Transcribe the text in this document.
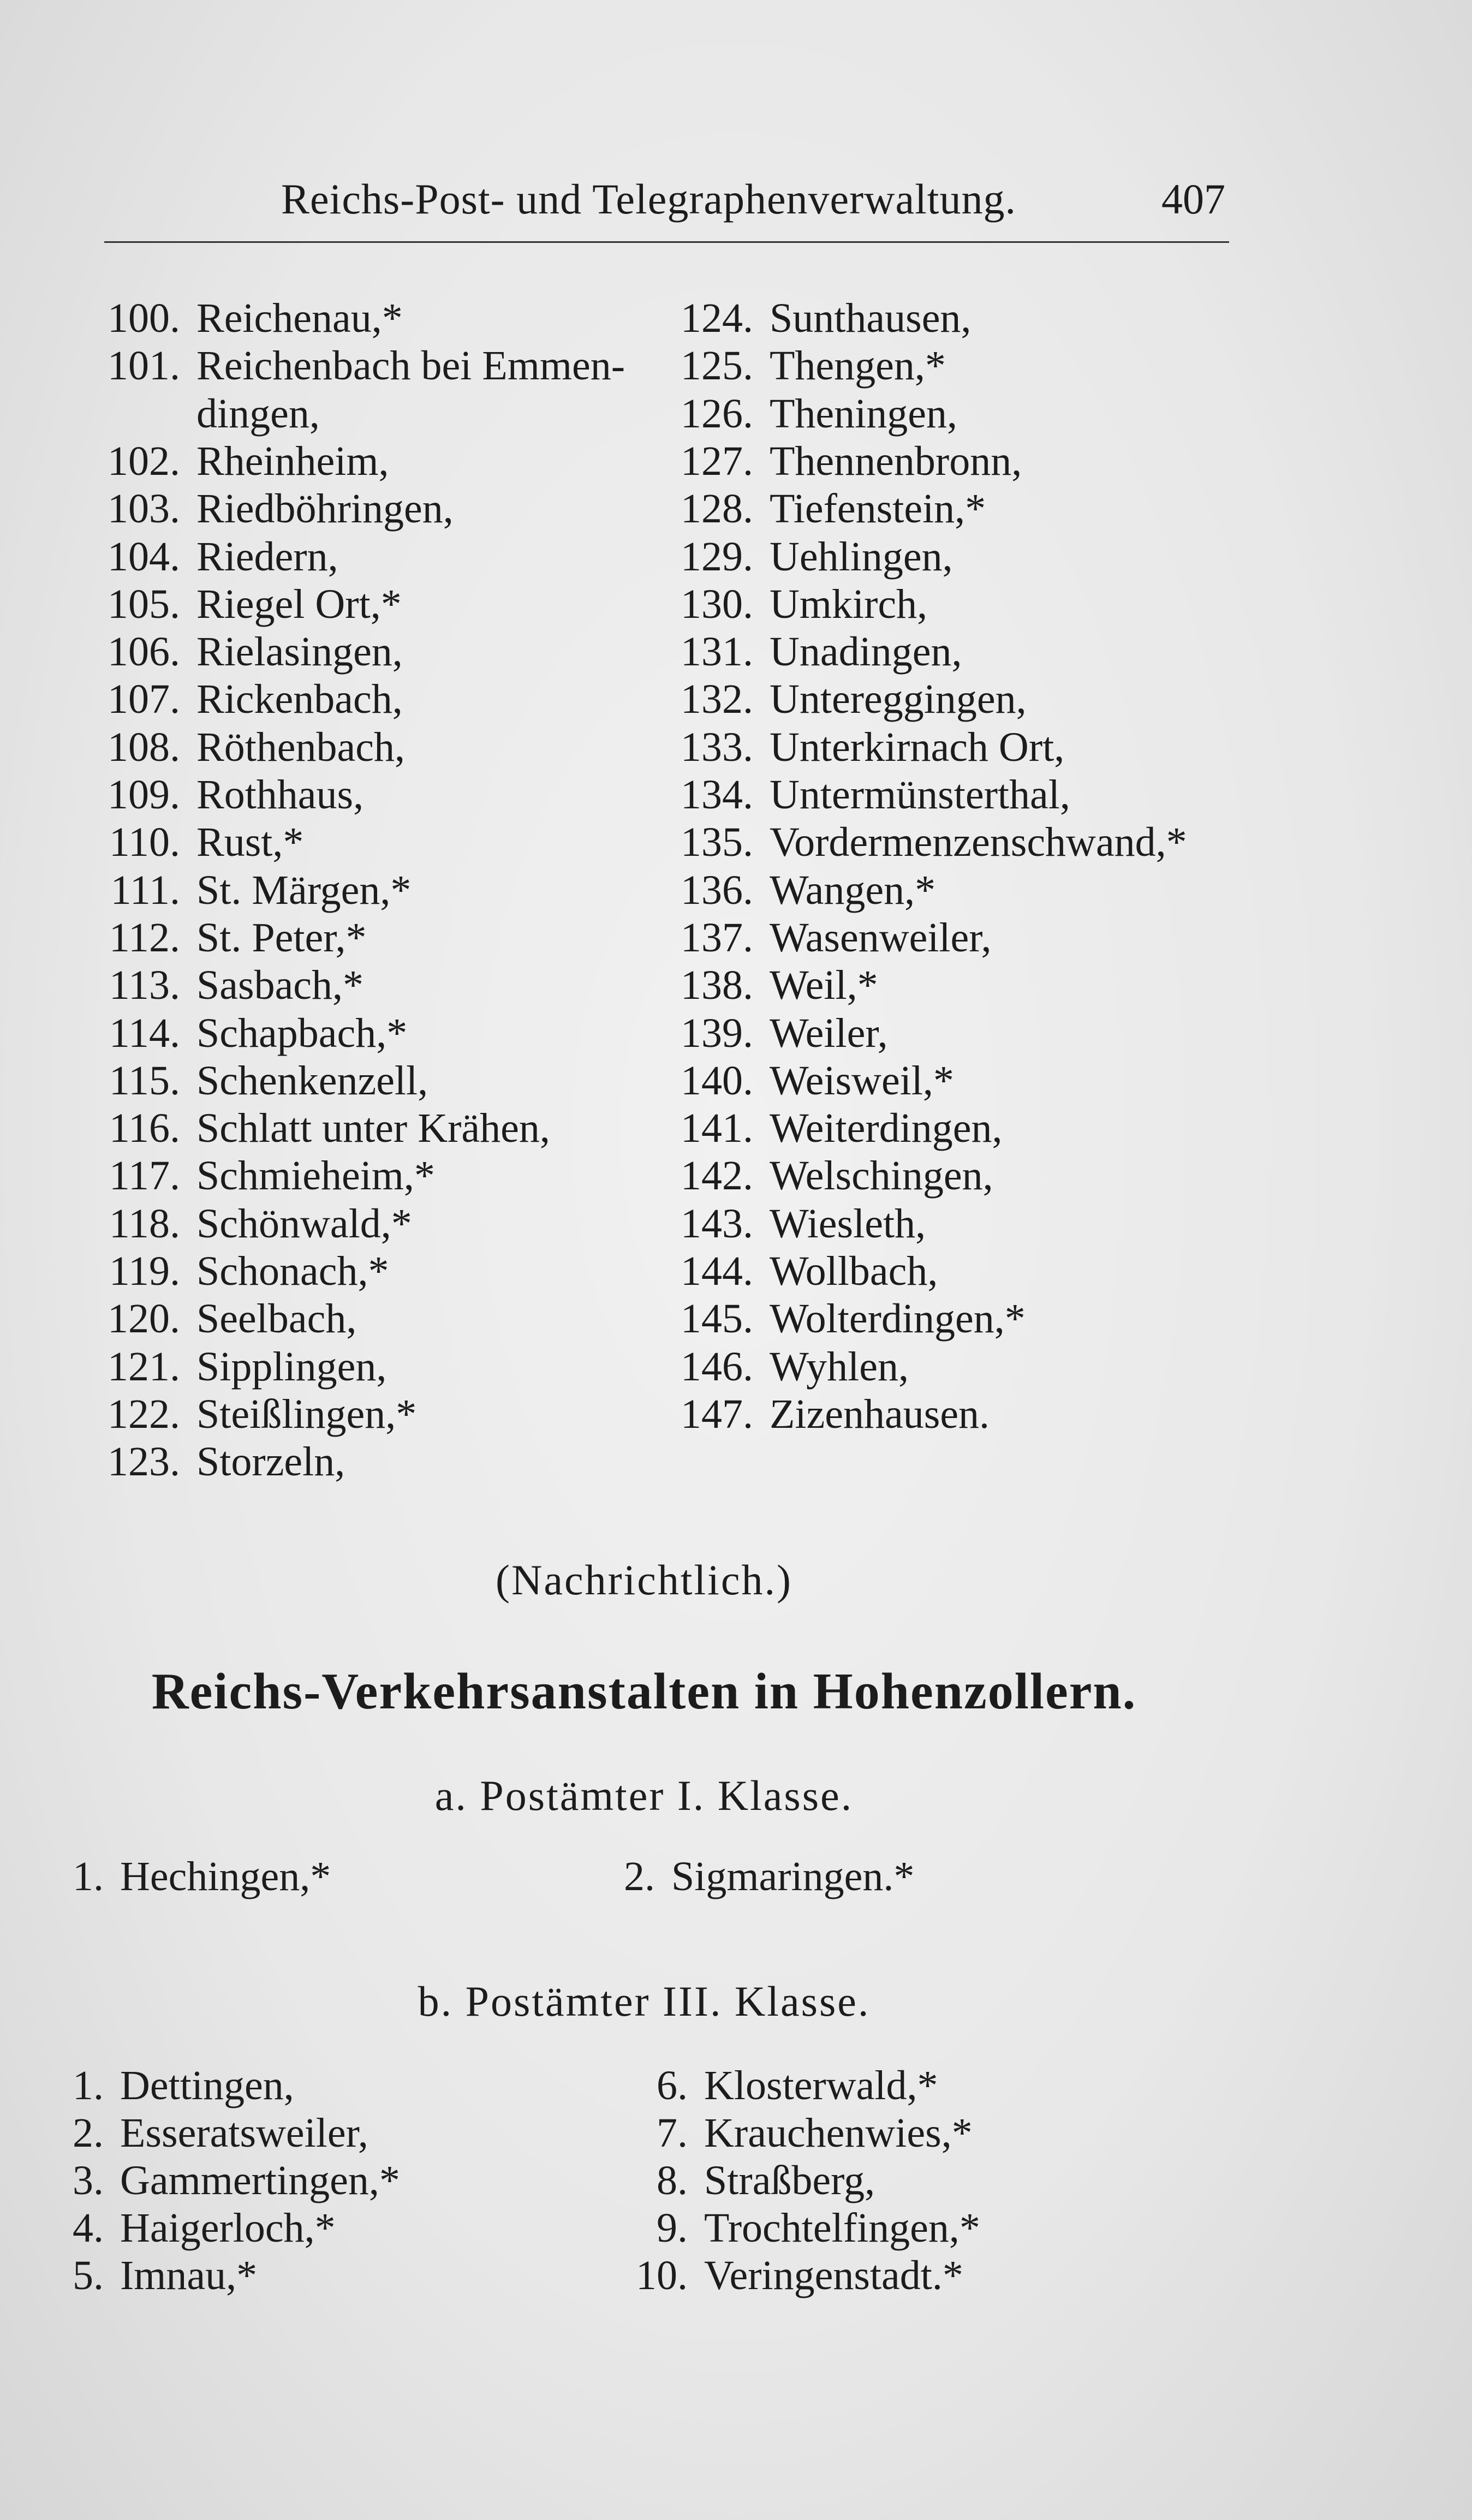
Reichs-Post- und Telegraphenverwaltung.	407
100. Reichenau,*
101. Reichenbach bei Emmen-
dingen,
102. Rheinheim,
103. Riedböhringen,
104. Riedern,
105. Riegel Ort,*
106. Rielasingen,
107. Rickenbach,
108. Röthenbach,
109. Rothhaus,
110. Rust,*
111. St. Märgen,*
112. St. Peter,*
113. Sasbach,*
114. Schapbach,*
115. Schenkenzell,
116. Schlatt unter Krähen,
117. Schmieheim,*
118. Schönwald,*
119. Schonach,*
120. Seelbach,
121. Sipplingen,
122. Steißlingen,*
123. Storzeln,
124. Sunthausen,
125. Thengen,*
126. Theningen,
127. Thennenbronn,
128. Tiefenstein,*
129. Uehlingen,
130. Umkirch,
131. Unadingen,
132. Untereggingen,
133. Unterkirnach Ort,
134. Untermünsterthal,
135. Vordermenzenschwand,*
136. Wangen,*
137. Wasenweiler,
138. Weil,*
139. Weiler,
140. Weisweil,*
141. Weiterdingen,
142. Welschingen,
143. Wiesleth,
144. Wollbach,
145. Wolterdingen,*
146. Wyhlen,
147. Zizenhausen.
1. Hechingen,*	2. Sigmaringen.*
1. Dettingen,
2. Esseratsweiler,
3. Gammertingen,*
4. Haigerloch,*
5. Imnau,*
6. Klosterwald,*
7. Krauchenwies,*
8. Straßberg,
9. Trochtelfingen,*
10. Veringenstadt.*
(Nachrichtlich.)
Reichs-Verkehrsanstalten in Hohenzollern.
a. Postämter I. Klasse.
b. Postämter III. Klasse.
